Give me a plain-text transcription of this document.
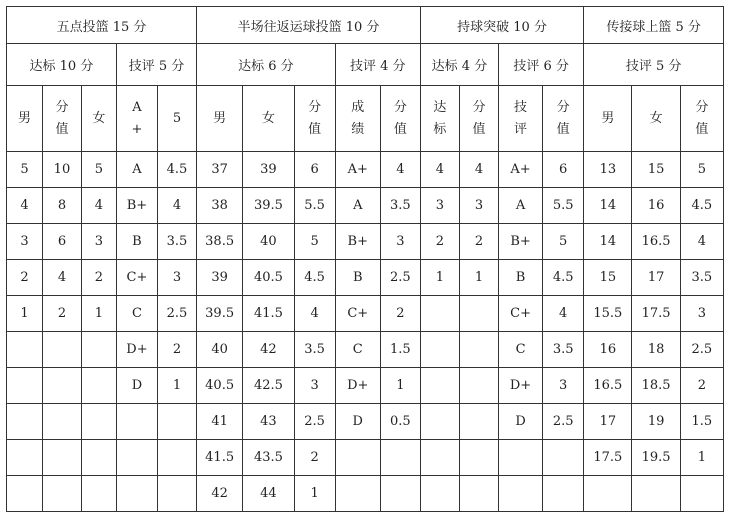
五点投篮 15 分					半场往返运球投篮 10 分					持球突破 10 分				传接球上篮 5 分		
达标 10 分			技评 5 分		达标 6 分			技评 4 分		达标 4 分		技评 6 分		技评 5 分		

男	分值	女	A+	5	男	女	分值	成绩	分值	达标	分值	技评	分值	男	女	分值

5	10	5	A	4.5	37	39	6	A+	4	4	4	A+	6	13	15	5
4	8	4	B+	4	38	39.5	5.5	A	3.5	3	3	A	5.5	14	16	4.5
3	6	3	B	3.5	38.5	40	5	B+	3	2	2	B+	5	14	16.5	4
2	4	2	C+	3	39	40.5	4.5	B	2.5	1	1	B	4.5	15	17	3.5
1	2	1	C	2.5	39.5	41.5	4	C+	2			C+	4	15.5	17.5	3
			D+	2	40	42	3.5	C	1.5			C	3.5	16	18	2.5
			D	1	40.5	42.5	3	D+	1			D+	3	16.5	18.5	2
					41	43	2.5	D	0.5			D	2.5	17	19	1.5
					41.5	43.5	2							17.5	19.5	1
					42	44	1									
